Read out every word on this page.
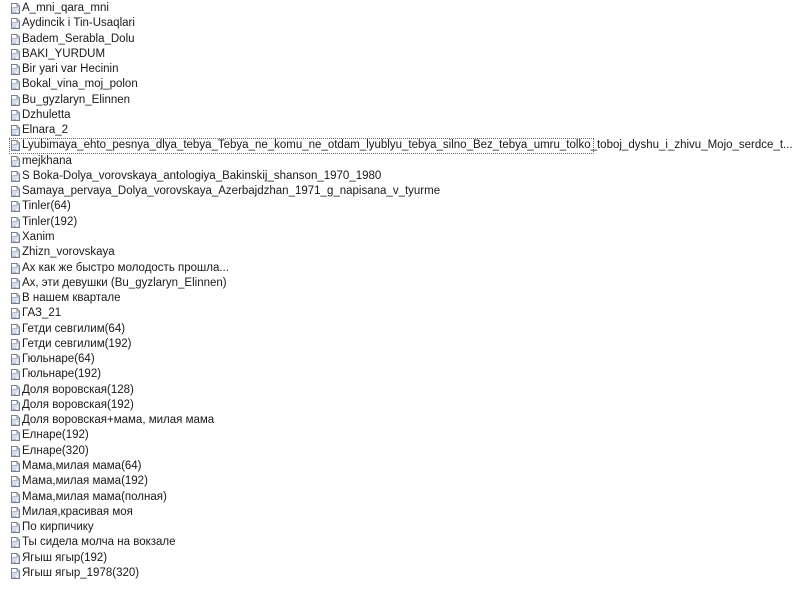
A_mni_qara_mni
Aydincik i Tin-Usaqlari
Badem_Serabla_Dolu
BAKI_YURDUM
Bir yari var Hecinin
Bokal_vina_moj_polon
Bu_gyzlaryn_Elinnen
Dzhuletta
Elnara_2
Lyubimaya_ehto_pesnya_dlya_tebya_Tebya_ne_komu_ne_otdam_lyublyu_tebya_silno_Bez_tebya_umru_tolko_toboj_dyshu_i_zhivu_Mojo_serdce_t...
mejkhana
S Boka-Dolya_vorovskaya_antologiya_Bakinskij_shanson_1970_1980
Samaya_pervaya_Dolya_vorovskaya_Azerbajdzhan_1971_g_napisana_v_tyurme
Tinler(64)
Tinler(192)
Xanim
Zhizn_vorovskaya
Ах как же быстро молодость прошла...
Ах, эти девушки (Bu_gyzlaryn_Elinnen)
В нашем квартале
ГАЗ_21
Гетди севгилим(64)
Гетди севгилим(192)
Гюльнаре(64)
Гюльнаре(192)
Доля воровская(128)
Доля воровская(192)
Доля воровская+мама, милая мама
Елнаре(192)
Елнаре(320)
Мама,милая мама(64)
Мама,милая мама(192)
Мама,милая мама(полная)
Милая,красивая моя
По кирпичику
Ты сидела молча на вокзале
Ягыш ягыр(192)
Ягыш ягыр_1978(320)
